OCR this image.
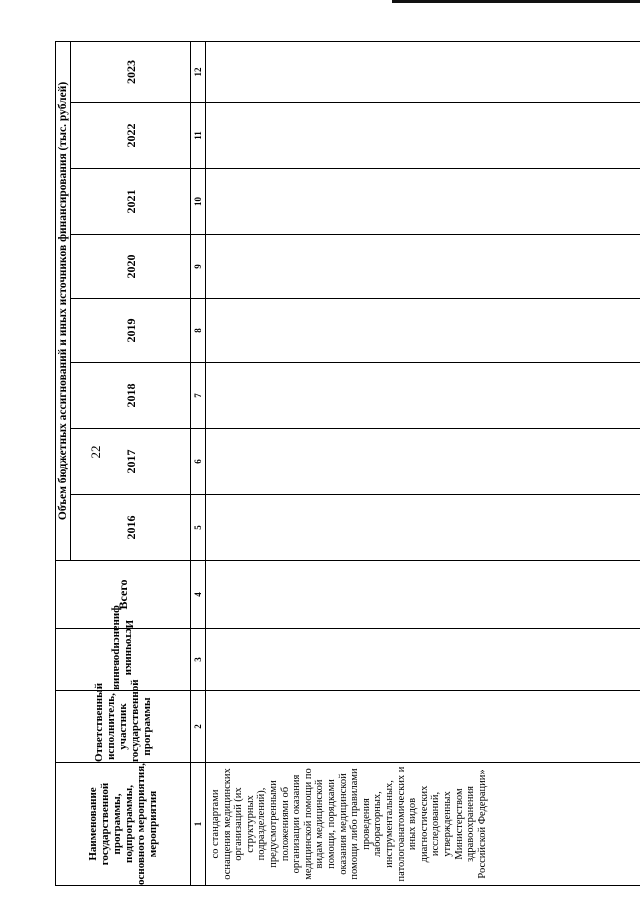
22
Наименование государственной программы, подпрограммы, основного мероприятия, мероприятия	Ответственный исполнитель, участник государственной программы	Источники финансирования	Всего	Объем бюджетных ассигнований и иных источников финансирования (тыс. рублей)							
				2016	2017	2018	2019	2020	2021	2022	2023
1	2	3	4	5	6	7	8	9	10	11	12
со стандартами оснащения медицинских организаций (их структурных подразделений), предусмотренными положениями об организации оказания медицинской помощи по видам медицинской помощи, порядками оказания медицинской помощи либо правилами проведения лабораторных, инструментальных, патологоанатомических и иных видов диагностических исследований, утвержденных Министерством здравоохранения Российской Федерации»											
